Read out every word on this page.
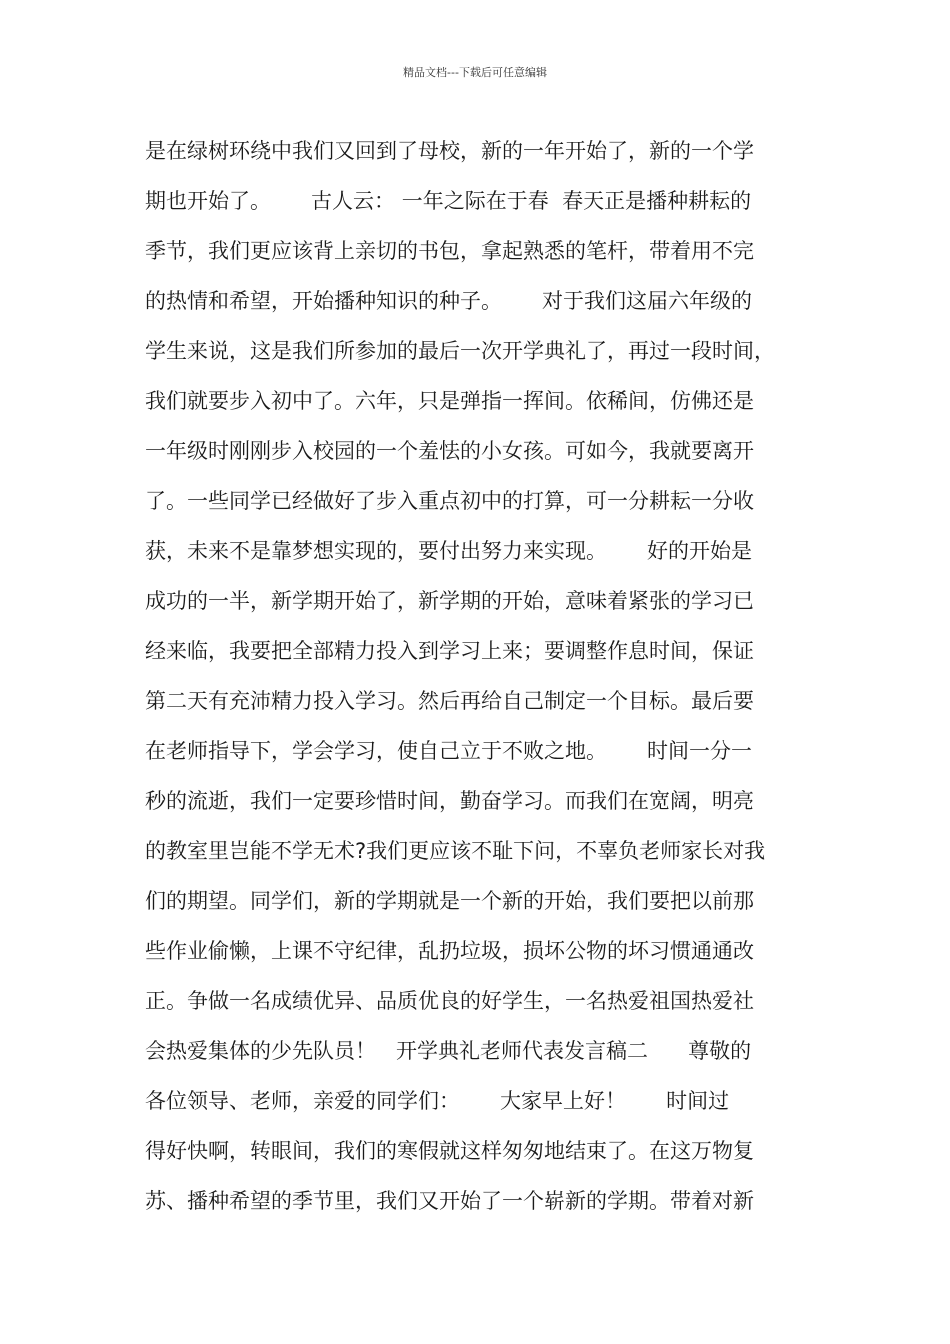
精品文档---下载后可任意编辑
是在绿树环绕中我们又回到了母校，新的一年开始了，新的一个学
期也开始了。      古人云： 一年之际在于春  春天正是播种耕耘的
季节，我们更应该背上亲切的书包，拿起熟悉的笔杆，带着用不完
的热情和希望，开始播种知识的种子。      对于我们这届六年级的
学生来说，这是我们所参加的最后一次开学典礼了，再过一段时间，
我们就要步入初中了。六年，只是弹指一挥间。依稀间，仿佛还是
一年级时刚刚步入校园的一个羞怯的小女孩。可如今，我就要离开
了。一些同学已经做好了步入重点初中的打算，可一分耕耘一分收
获，未来不是靠梦想实现的，要付出努力来实现。      好的开始是
成功的一半，新学期开始了，新学期的开始，意味着紧张的学习已
经来临，我要把全部精力投入到学习上来；要调整作息时间，保证
第二天有充沛精力投入学习。然后再给自己制定一个目标。最后要
在老师指导下，学会学习，使自己立于不败之地。      时间一分一
秒的流逝，我们一定要珍惜时间，勤奋学习。而我们在宽阔，明亮
的教室里岂能不学无术?我们更应该不耻下问，不辜负老师家长对我
们的期望。同学们，新的学期就是一个新的开始，我们要把以前那
些作业偷懒，上课不守纪律，乱扔垃圾，损坏公物的坏习惯通通改
正。争做一名成绩优异、品质优良的好学生，一名热爱祖国热爱社
会热爱集体的少先队员！   开学典礼老师代表发言稿二      尊敬的
各位领导、老师，亲爱的同学们：      大家早上好！      时间过
得好快啊，转眼间，我们的寒假就这样匆匆地结束了。在这万物复
苏、播种希望的季节里，我们又开始了一个崭新的学期。带着对新
